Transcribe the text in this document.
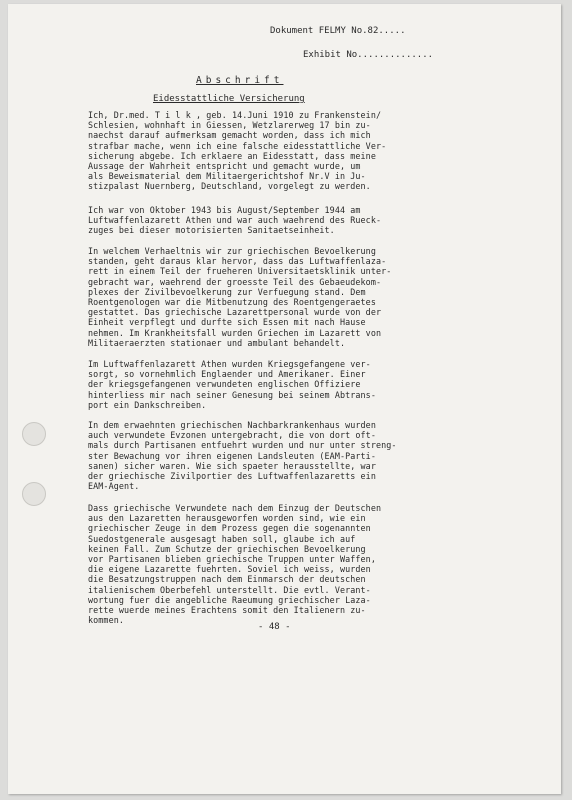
Dokument FELMY No.82.....
Exhibit No..............
Abschrift
Eidesstattliche Versicherung
Ich, Dr.med. T i l k , geb. 14.Juni 1910 zu Frankenstein/
Schlesien, wohnhaft in Giessen, Wetzlarerweg 17 bin zu-
naechst darauf aufmerksam gemacht worden, dass ich mich
strafbar mache, wenn ich eine falsche eidesstattliche Ver-
sicherung abgebe. Ich erklaere an Eidesstatt, dass meine
Aussage der Wahrheit entspricht und gemacht wurde, um
als Beweismaterial dem Militaergerichtshof Nr.V in Ju-
stizpalast Nuernberg, Deutschland, vorgelegt zu werden.
Ich war von Oktober 1943 bis August/September 1944 am
Luftwaffenlazarett Athen und war auch waehrend des Rueck-
zuges bei dieser motorisierten Sanitaetseinheit.
In welchem Verhaeltnis wir zur griechischen Bevoelkerung
standen, geht daraus klar hervor, dass das Luftwaffenlaza-
rett in einem Teil der frueheren Universitaetsklinik unter-
gebracht war, waehrend der groesste Teil des Gebaeudekom-
plexes der Zivilbevoelkerung zur Verfuegung stand. Dem
Roentgenologen war die Mitbenutzung des Roentgengeraetes
gestattet. Das griechische Lazarettpersonal wurde von der
Einheit verpflegt und durfte sich Essen mit nach Hause
nehmen. Im Krankheitsfall wurden Griechen im Lazarett von
Militaeraerzten stationaer und ambulant behandelt.
Im Luftwaffenlazarett Athen wurden Kriegsgefangene ver-
sorgt, so vornehmlich Englaender und Amerikaner. Einer
der kriegsgefangenen verwundeten englischen Offiziere
hinterliess mir nach seiner Genesung bei seinem Abtrans-
port ein Dankschreiben.
In dem erwaehnten griechischen Nachbarkrankenhaus wurden
auch verwundete Evzonen untergebracht, die von dort oft-
mals durch Partisanen entfuehrt wurden und nur unter streng-
ster Bewachung vor ihren eigenen Landsleuten (EAM-Parti-
sanen) sicher waren. Wie sich spaeter herausstellte, war
der griechische Zivilportier des Luftwaffenlazaretts ein
EAM-Agent.
Dass griechische Verwundete nach dem Einzug der Deutschen
aus den Lazaretten herausgeworfen worden sind, wie ein
griechischer Zeuge in dem Prozess gegen die sogenannten
Suedostgenerale ausgesagt haben soll, glaube ich auf
keinen Fall. Zum Schutze der griechischen Bevoelkerung
vor Partisanen blieben griechische Truppen unter Waffen,
die eigene Lazarette fuehrten. Soviel ich weiss, wurden
die Besatzungstruppen nach dem Einmarsch der deutschen
italienischem Oberbefehl unterstellt. Die evtl. Verant-
wortung fuer die angebliche Raeumung griechischer Laza-
rette wuerde meines Erachtens somit den Italienern zu-
kommen.
- 48 -
